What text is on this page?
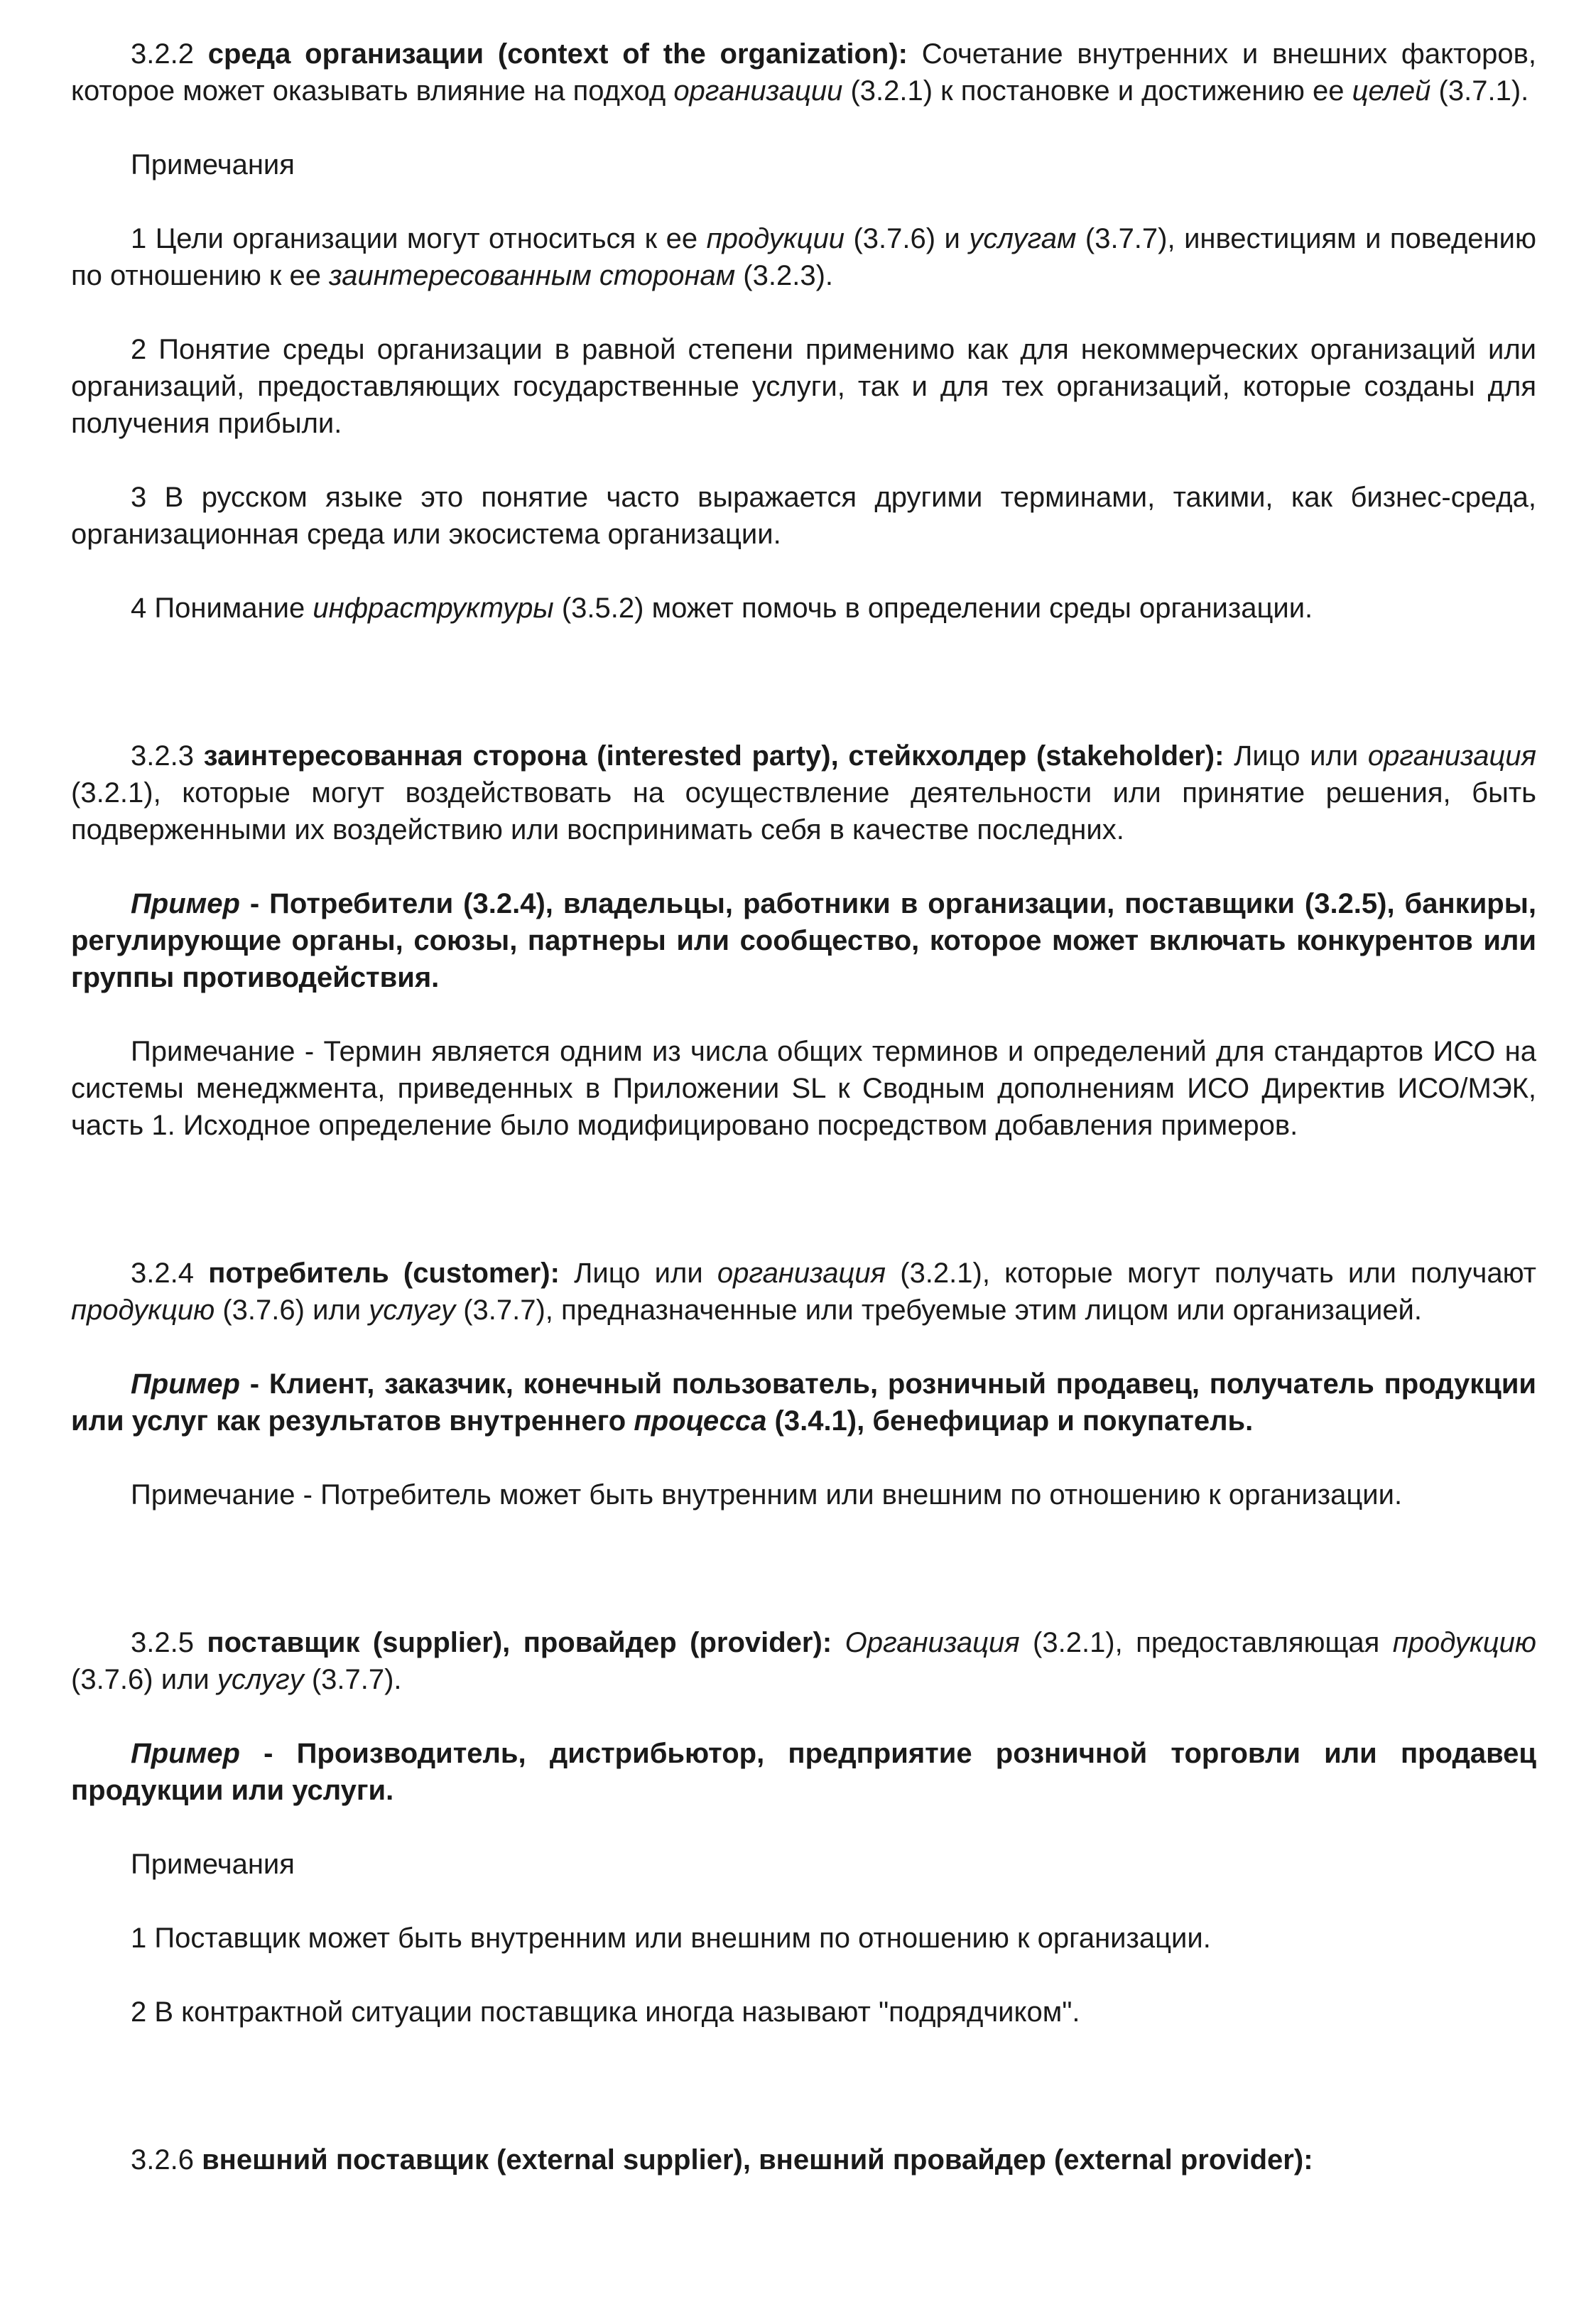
3.2.2 среда организации (context of the organization): Сочетание внутренних и внешних факторов, которое может оказывать влияние на подход организации (3.2.1) к постановке и достижению ее целей (3.7.1).

Примечания

1 Цели организации могут относиться к ее продукции (3.7.6) и услугам (3.7.7), инвестициям и поведению по отношению к ее заинтересованным сторонам (3.2.3).

2 Понятие среды организации в равной степени применимо как для некоммерческих организаций или организаций, предоставляющих государственные услуги, так и для тех организаций, которые созданы для получения прибыли.

3 В русском языке это понятие часто выражается другими терминами, такими, как бизнес-среда, организационная среда или экосистема организации.

4 Понимание инфраструктуры (3.5.2) может помочь в определении среды организации.

3.2.3 заинтересованная сторона (interested party), стейкхолдер (stakeholder): Лицо или организация (3.2.1), которые могут воздействовать на осуществление деятельности или принятие решения, быть подверженными их воздействию или воспринимать себя в качестве последних.

Пример - Потребители (3.2.4), владельцы, работники в организации, поставщики (3.2.5), банкиры, регулирующие органы, союзы, партнеры или сообщество, которое может включать конкурентов или группы противодействия.

Примечание - Термин является одним из числа общих терминов и определений для стандартов ИСО на системы менеджмента, приведенных в Приложении SL к Сводным дополнениям ИСО Директив ИСО/МЭК, часть 1. Исходное определение было модифицировано посредством добавления примеров.

3.2.4 потребитель (customer): Лицо или организация (3.2.1), которые могут получать или получают продукцию (3.7.6) или услугу (3.7.7), предназначенные или требуемые этим лицом или организацией.

Пример - Клиент, заказчик, конечный пользователь, розничный продавец, получатель продукции или услуг как результатов внутреннего процесса (3.4.1), бенефициар и покупатель.

Примечание - Потребитель может быть внутренним или внешним по отношению к организации.

3.2.5 поставщик (supplier), провайдер (provider): Организация (3.2.1), предоставляющая продукцию (3.7.6) или услугу (3.7.7).

Пример - Производитель, дистрибьютор, предприятие розничной торговли или продавец продукции или услуги.

Примечания

1 Поставщик может быть внутренним или внешним по отношению к организации.

2 В контрактной ситуации поставщика иногда называют "подрядчиком".

3.2.6 внешний поставщик (external supplier), внешний провайдер (external provider):
